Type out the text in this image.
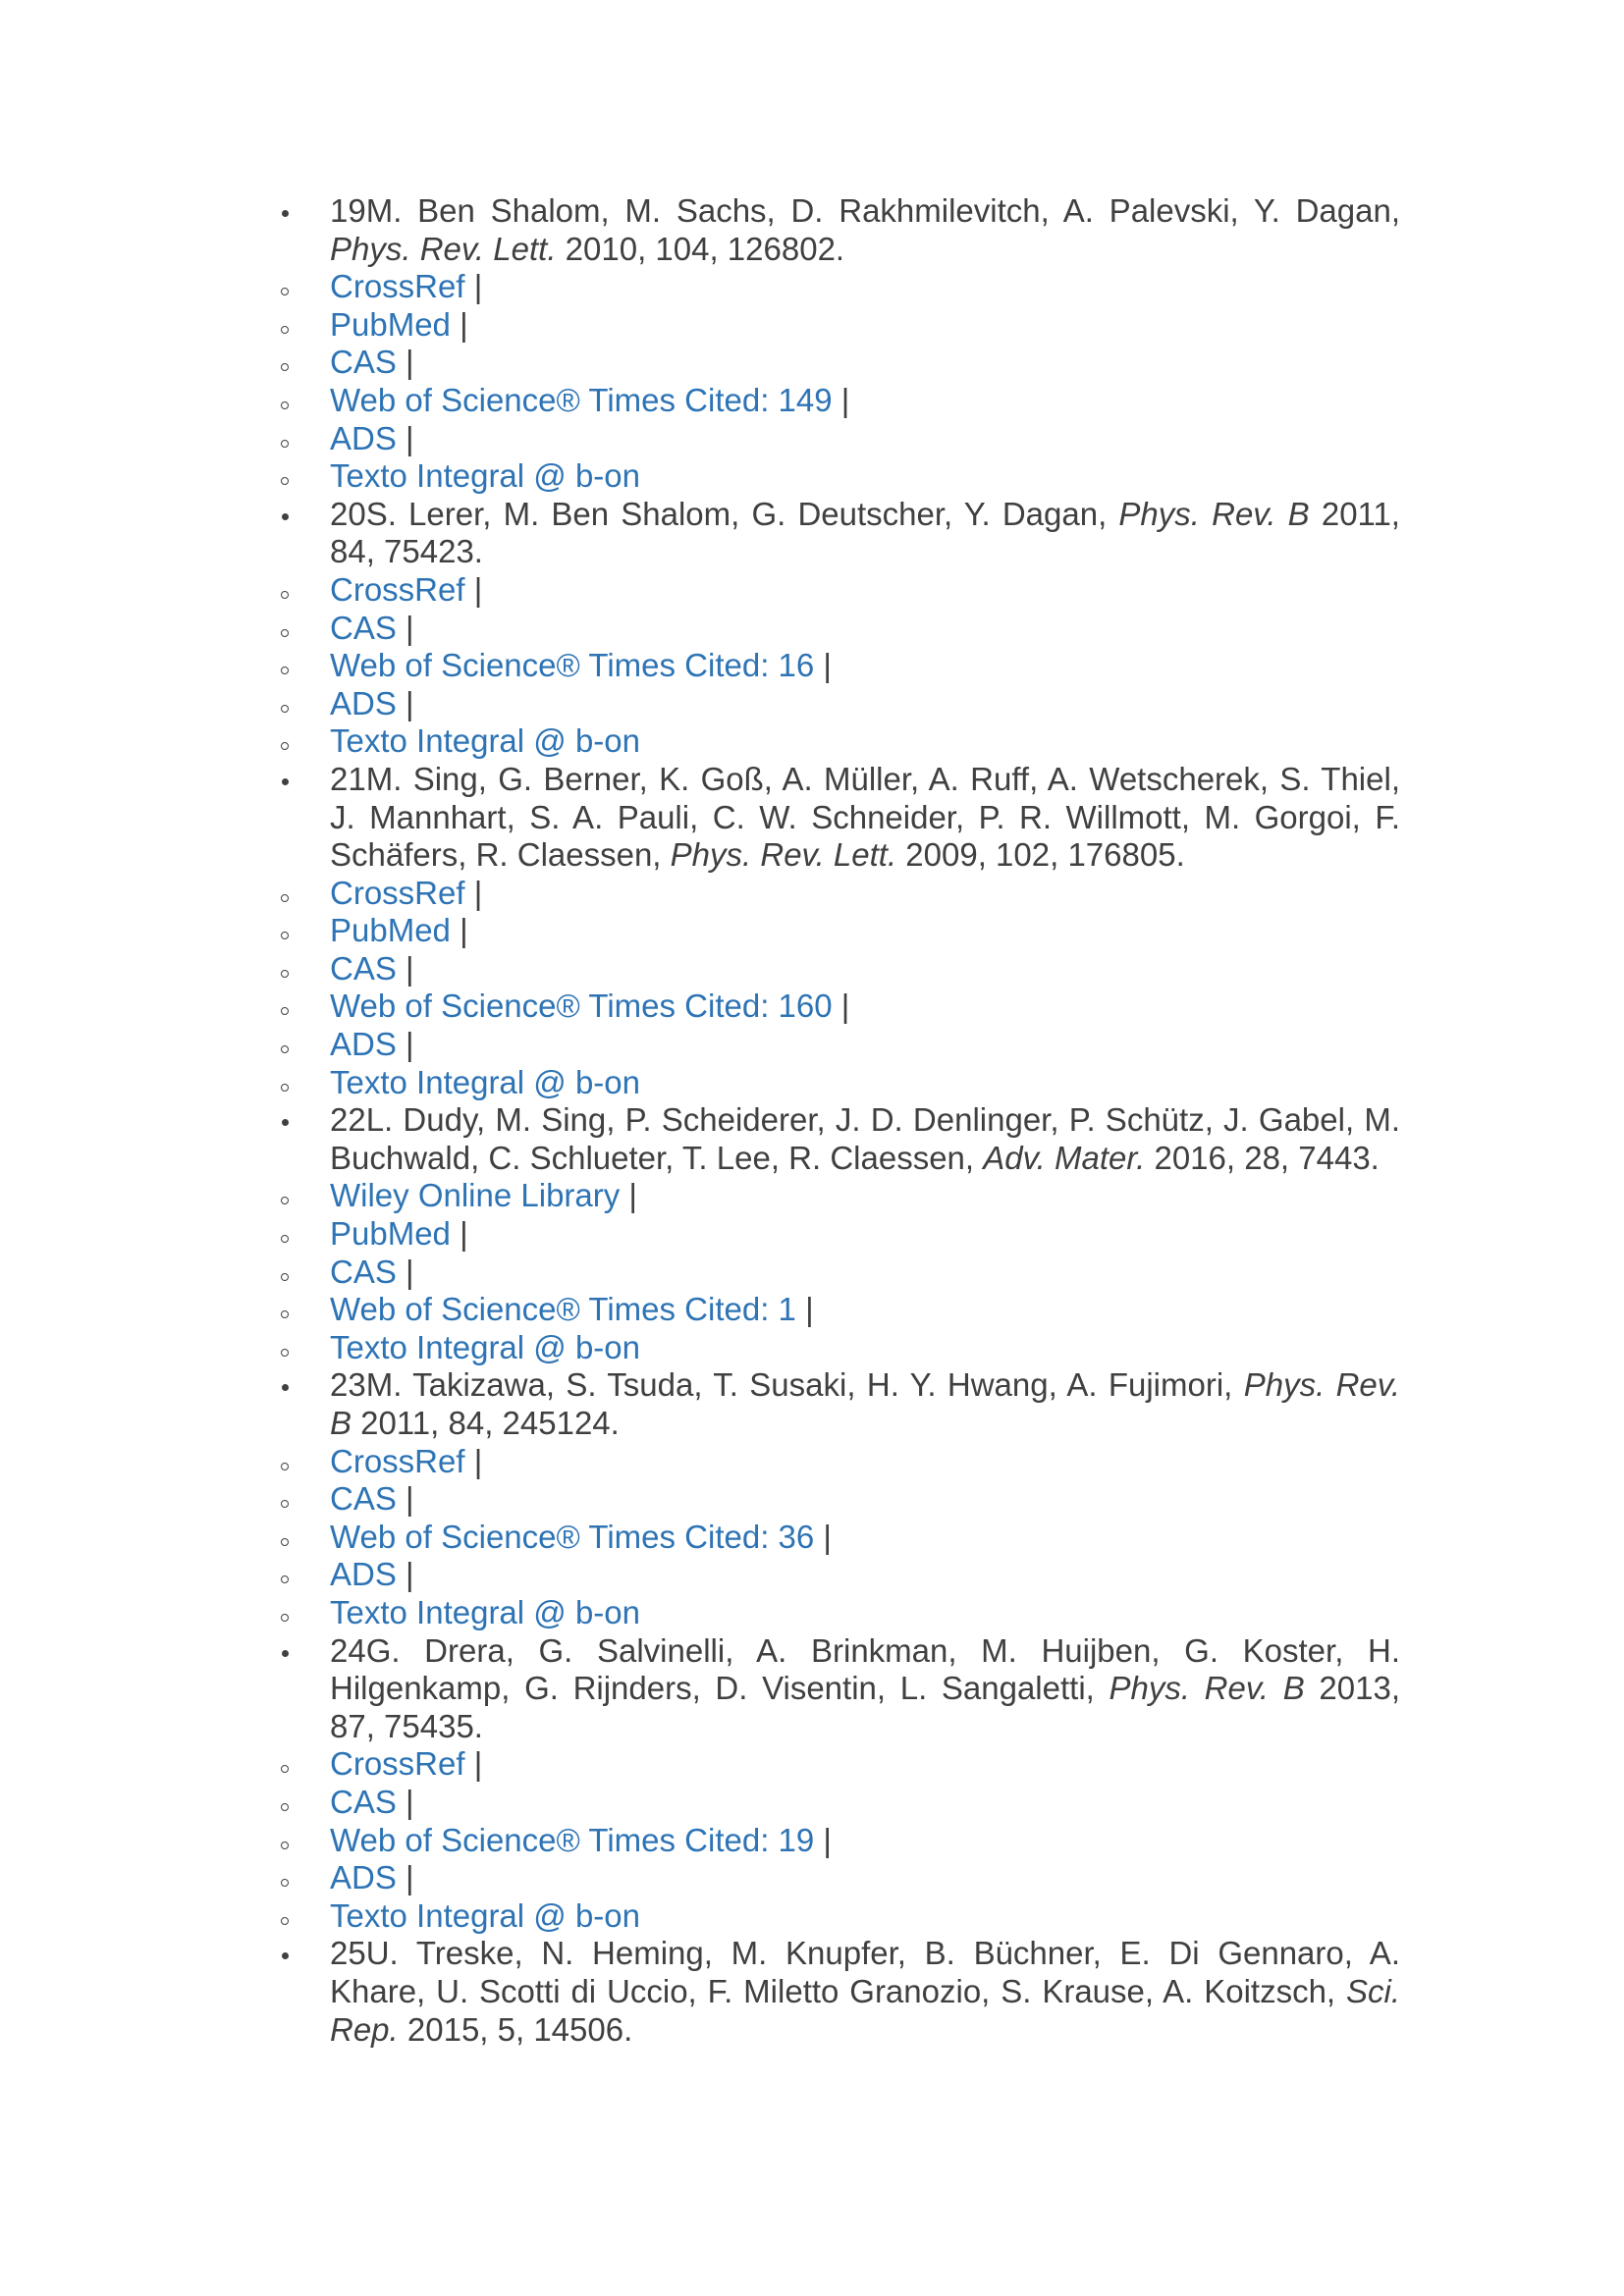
19M. Ben Shalom, M. Sachs, D. Rakhmilevitch, A. Palevski, Y. Dagan, Phys. Rev. Lett. 2010, 104, 126802.
CrossRef |
PubMed |
CAS |
Web of Science® Times Cited: 149 |
ADS |
Texto Integral @ b-on
20S. Lerer, M. Ben Shalom, G. Deutscher, Y. Dagan, Phys. Rev. B 2011, 84, 75423.
CrossRef |
CAS |
Web of Science® Times Cited: 16 |
ADS |
Texto Integral @ b-on
21M. Sing, G. Berner, K. Goß, A. Müller, A. Ruff, A. Wetscherek, S. Thiel, J. Mannhart, S. A. Pauli, C. W. Schneider, P. R. Willmott, M. Gorgoi, F. Schäfers, R. Claessen, Phys. Rev. Lett. 2009, 102, 176805.
CrossRef |
PubMed |
CAS |
Web of Science® Times Cited: 160 |
ADS |
Texto Integral @ b-on
22L. Dudy, M. Sing, P. Scheiderer, J. D. Denlinger, P. Schütz, J. Gabel, M. Buchwald, C. Schlueter, T. Lee, R. Claessen, Adv. Mater. 2016, 28, 7443.
Wiley Online Library |
PubMed |
CAS |
Web of Science® Times Cited: 1 |
Texto Integral @ b-on
23M. Takizawa, S. Tsuda, T. Susaki, H. Y. Hwang, A. Fujimori, Phys. Rev. B 2011, 84, 245124.
CrossRef |
CAS |
Web of Science® Times Cited: 36 |
ADS |
Texto Integral @ b-on
24G. Drera, G. Salvinelli, A. Brinkman, M. Huijben, G. Koster, H. Hilgenkamp, G. Rijnders, D. Visentin, L. Sangaletti, Phys. Rev. B 2013, 87, 75435.
CrossRef |
CAS |
Web of Science® Times Cited: 19 |
ADS |
Texto Integral @ b-on
25U. Treske, N. Heming, M. Knupfer, B. Büchner, E. Di Gennaro, A. Khare, U. Scotti di Uccio, F. Miletto Granozio, S. Krause, A. Koitzsch, Sci. Rep. 2015, 5, 14506.
